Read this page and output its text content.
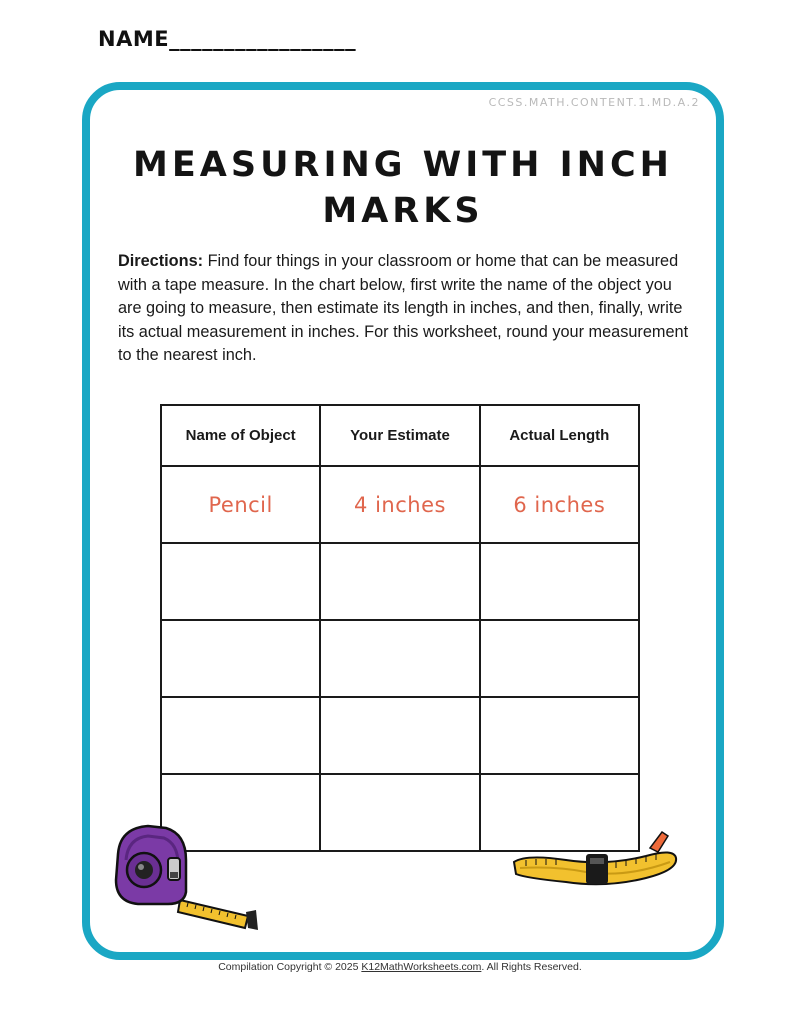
NAME_________________
CCSS.MATH.CONTENT.1.MD.A.2
MEASURING WITH INCH MARKS

Directions: Find four things in your classroom or home that can be measured with a tape measure. In the chart below, first write the name of the object you are going to measure, then estimate its length in inches, and then, finally, write its actual measurement in inches. For this worksheet, round your measurement to the nearest inch.

Name of Object	Your Estimate	Actual Length
Pencil	4 inches	6 inches

Compilation Copyright © 2025 K12MathWorksheets.com. All Rights Reserved.
